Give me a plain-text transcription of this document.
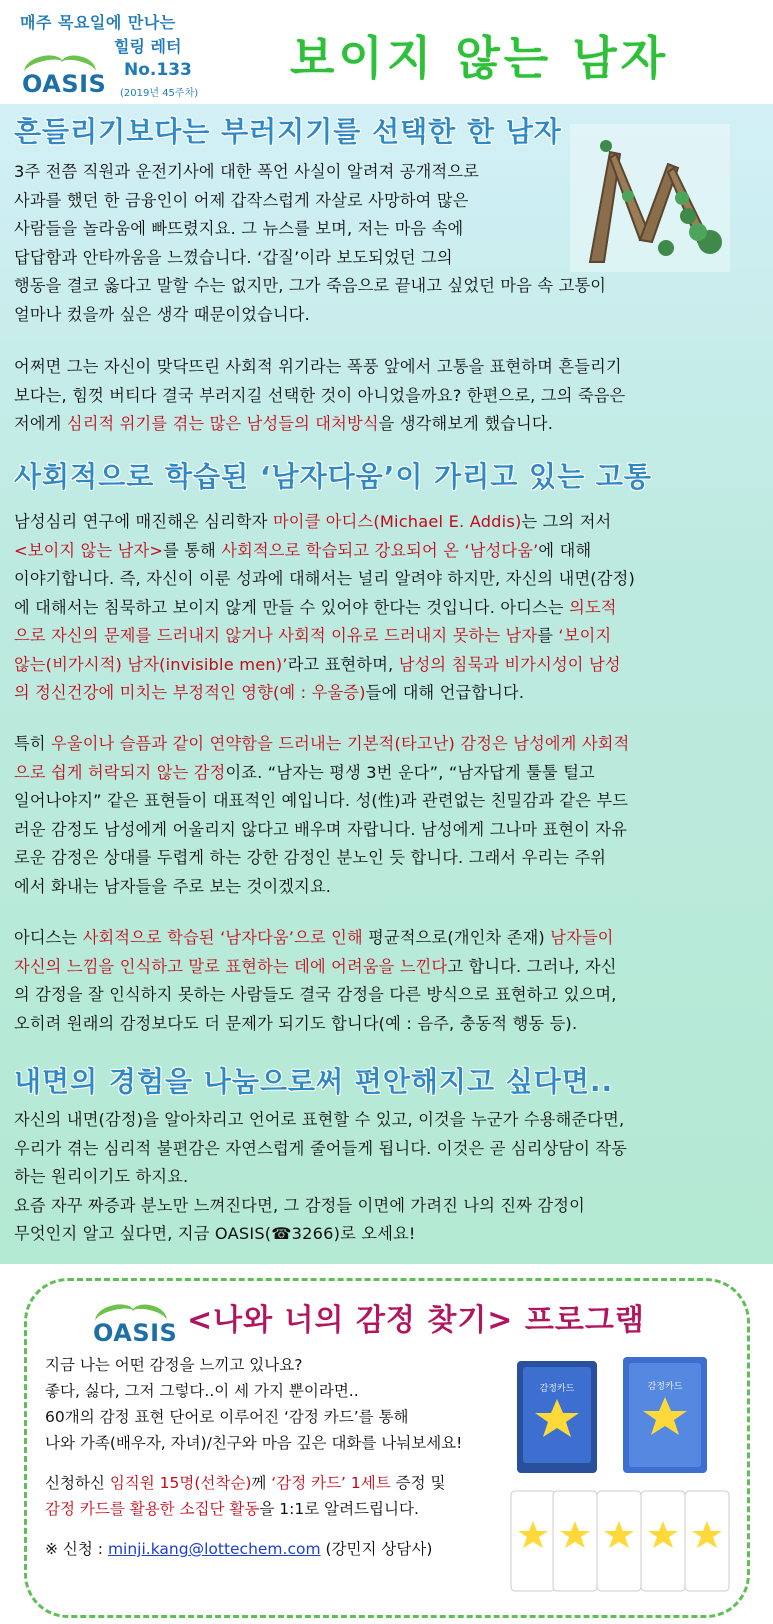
매주 목요일에 만나는
힐링 레터
No.133
(2019년 45주차)
OASIS	보이지 않는 남자
흔들리기보다는 부러지기를 선택한 한 남자
3주 전쯤 직원과 운전기사에 대한 폭언 사실이 알려져 공개적으로
사과를 했던 한 금융인이 어제 갑작스럽게 자살로 사망하여 많은
사람들을 놀라움에 빠뜨렸지요. 그 뉴스를 보며, 저는 마음 속에
답답함과 안타까움을 느꼈습니다. ‘갑질’이라 보도되었던 그의
행동을 결코 옳다고 말할 수는 없지만, 그가 죽음으로 끝내고 싶었던 마음 속 고통이
얼마나 컸을까 싶은 생각 때문이었습니다.
어쩌면 그는 자신이 맞닥뜨린 사회적 위기라는 폭풍 앞에서 고통을 표현하며 흔들리기
보다는, 힘껏 버티다 결국 부러지길 선택한 것이 아니었을까요? 한편으로, 그의 죽음은
저에게 심리적 위기를 겪는 많은 남성들의 대처방식을 생각해보게 했습니다.
사회적으로 학습된 ‘남자다움’이 가리고 있는 고통
남성심리 연구에 매진해온 심리학자 마이클 아디스(Michael E. Addis)는 그의 저서
<보이지 않는 남자>를 통해 사회적으로 학습되고 강요되어 온 ‘남성다움’에 대해
이야기합니다. 즉, 자신이 이룬 성과에 대해서는 널리 알려야 하지만, 자신의 내면(감정)
에 대해서는 침묵하고 보이지 않게 만들 수 있어야 한다는 것입니다. 아디스는 의도적
으로 자신의 문제를 드러내지 않거나 사회적 이유로 드러내지 못하는 남자를 ‘보이지
않는(비가시적) 남자(invisible men)’라고 표현하며, 남성의 침묵과 비가시성이 남성
의 정신건강에 미치는 부정적인 영향(예 : 우울증)들에 대해 언급합니다.
특히 우울이나 슬픔과 같이 연약함을 드러내는 기본적(타고난) 감정은 남성에게 사회적
으로 쉽게 허락되지 않는 감정이죠. “남자는 평생 3번 운다”, “남자답게 툴툴 털고
일어나야지” 같은 표현들이 대표적인 예입니다. 성(性)과 관련없는 친밀감과 같은 부드
러운 감정도 남성에게 어울리지 않다고 배우며 자랍니다. 남성에게 그나마 표현이 자유
로운 감정은 상대를 두렵게 하는 강한 감정인 분노인 듯 합니다. 그래서 우리는 주위
에서 화내는 남자들을 주로 보는 것이겠지요.
아디스는 사회적으로 학습된 ‘남자다움’으로 인해 평균적으로(개인차 존재) 남자들이
자신의 느낌을 인식하고 말로 표현하는 데에 어려움을 느낀다고 합니다. 그러나, 자신
의 감정을 잘 인식하지 못하는 사람들도 결국 감정을 다른 방식으로 표현하고 있으며,
오히려 원래의 감정보다도 더 문제가 되기도 합니다(예 : 음주, 충동적 행동 등).
내면의 경험을 나눔으로써 편안해지고 싶다면..
자신의 내면(감정)을 알아차리고 언어로 표현할 수 있고, 이것을 누군가 수용해준다면,
우리가 겪는 심리적 불편감은 자연스럽게 줄어들게 됩니다. 이것은 곧 심리상담이 작동
하는 원리이기도 하지요.
요즘 자꾸 짜증과 분노만 느껴진다면, 그 감정들 이면에 가려진 나의 진짜 감정이
무엇인지 알고 싶다면, 지금 OASIS(☎3266)로 오세요!
OASIS <나와 너의 감정 찾기> 프로그램
지금 나는 어떤 감정을 느끼고 있나요?
좋다, 싫다, 그저 그렇다..이 세 가지 뿐이라면..
60개의 감정 표현 단어로 이루어진 ‘감정 카드’를 통해
나와 가족(배우자, 자녀)/친구와 마음 깊은 대화를 나눠보세요!
신청하신 임직원 15명(선착순)께 ‘감정 카드’ 1세트 증정 및
감정 카드를 활용한 소집단 활동을 1:1로 알려드립니다.
※ 신청 : minji.kang@lottechem.com (강민지 상담사)
감정카드	감정카드
